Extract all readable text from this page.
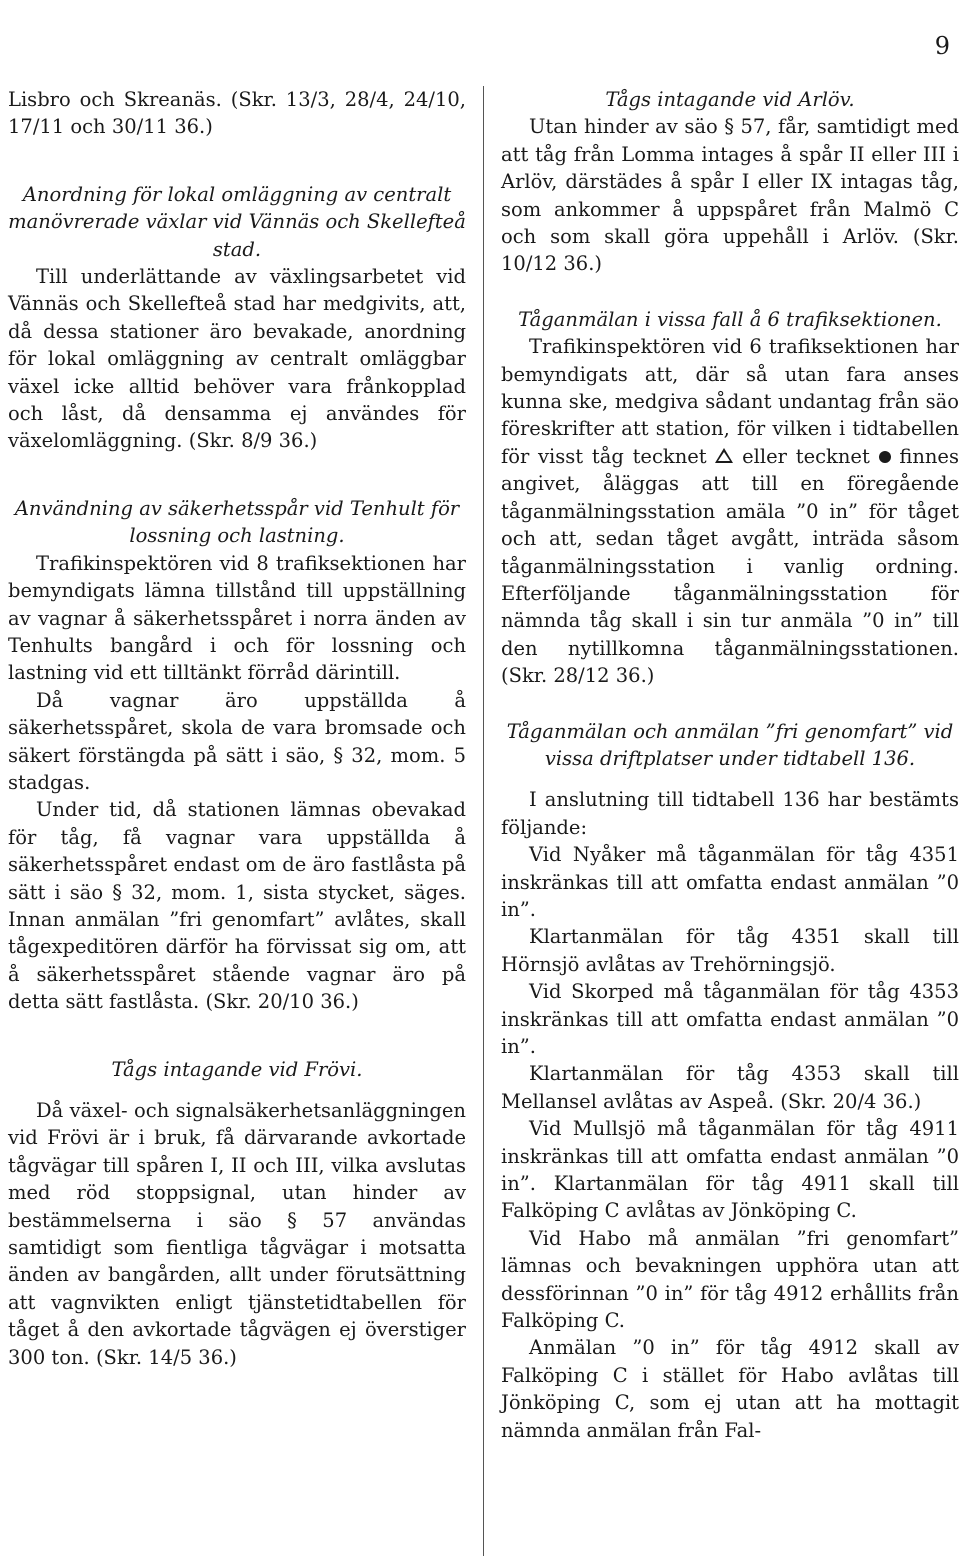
9

Lisbro och Skreanäs. (Skr. 13/3, 28/4, 24/10, 17/11 och 30/11 36.)

Anordning för lokal omläggning av centralt manövrerade växlar vid Vännäs och Skellefteå stad.

Till underlättande av växlingsarbetet vid Vännäs och Skellefteå stad har medgivits, att, då dessa stationer äro bevakade, anordning för lokal omläggning av centralt omläggbar växel icke alltid behöver vara frånkopplad och låst, då densamma ej användes för växelomläggning. (Skr. 8/9 36.)

Användning av säkerhetsspår vid Tenhult för lossning och lastning.

Trafikinspektören vid 8 trafiksektionen har bemyndigats lämna tillstånd till uppställning av vagnar å säkerhetsspåret i norra änden av Tenhults bangård i och för lossning och lastning vid ett tilltänkt förråd därintill.

Då vagnar äro uppställda å säkerhetsspåret, skola de vara bromsade och säkert förstängda på sätt i säo, § 32, mom. 5 stadgas.

Under tid, då stationen lämnas obevakad för tåg, få vagnar vara uppställda å säkerhetsspåret endast om de äro fastlåsta på sätt i säo § 32, mom. 1, sista stycket, säges. Innan anmälan ”fri genomfart” avlåtes, skall tågexpeditören därför ha förvissat sig om, att å säkerhetsspåret stående vagnar äro på detta sätt fastlåsta. (Skr. 20/10 36.)

Tågs intagande vid Frövi.

Då växel- och signalsäkerhetsanläggningen vid Frövi är i bruk, få därvarande avkortade tågvägar till spåren I, II och III, vilka avslutas med röd stoppsignal, utan hinder av bestämmelserna i säo § 57 användas samtidigt som fientliga tågvägar i motsatta änden av bangården, allt under förutsättning att vagnvikten enligt tjänstetidtabellen för tåget å den avkortade tågvägen ej överstiger 300 ton. (Skr. 14/5 36.)

Tågs intagande vid Arlöv.

Utan hinder av säo § 57, får, samtidigt med att tåg från Lomma intages å spår II eller III i Arlöv, därstädes å spår I eller IX intagas tåg, som ankommer å uppspåret från Malmö C och som skall göra uppehåll i Arlöv. (Skr. 10/12 36.)

Tåganmälan i vissa fall å 6 trafiksektionen.

Trafikinspektören vid 6 trafiksektionen har bemyndigats att, där så utan fara anses kunna ske, medgiva sådant undantag från säo föreskrifter att station, för vilken i tidtabellen för visst tåg tecknet eller tecknet finnes angivet, åläggas att till en föregående tåganmälningsstation amäla ”0 in” för tåget och att, sedan tåget avgått, inträda såsom tåganmälningsstation i vanlig ordning. Efterföljande tåganmälningsstation för nämnda tåg skall i sin tur anmäla ”0 in” till den nytillkomna tåganmälningsstationen. (Skr. 28/12 36.)

Tåganmälan och anmälan ”fri genomfart” vid vissa driftplatser under tidtabell 136.

I anslutning till tidtabell 136 har bestämts följande:

Vid Nyåker må tåganmälan för tåg 4351 inskränkas till att omfatta endast anmälan ”0 in”.

Klartanmälan för tåg 4351 skall till Hörnsjö avlåtas av Trehörningsjö.

Vid Skorped må tåganmälan för tåg 4353 inskränkas till att omfatta endast anmälan ”0 in”.

Klartanmälan för tåg 4353 skall till Mellansel avlåtas av Aspeå. (Skr. 20/4 36.)

Vid Mullsjö må tåganmälan för tåg 4911 inskränkas till att omfatta endast anmälan ”0 in”. Klartanmälan för tåg 4911 skall till Falköping C avlåtas av Jönköping C.

Vid Habo må anmälan ”fri genomfart” lämnas och bevakningen upphöra utan att dessförinnan ”0 in” för tåg 4912 erhållits från Falköping C.

Anmälan ”0 in” för tåg 4912 skall av Falköping C i stället för Habo avlåtas till Jönköping C, som ej utan att ha mottagit nämnda anmälan från Fal-
